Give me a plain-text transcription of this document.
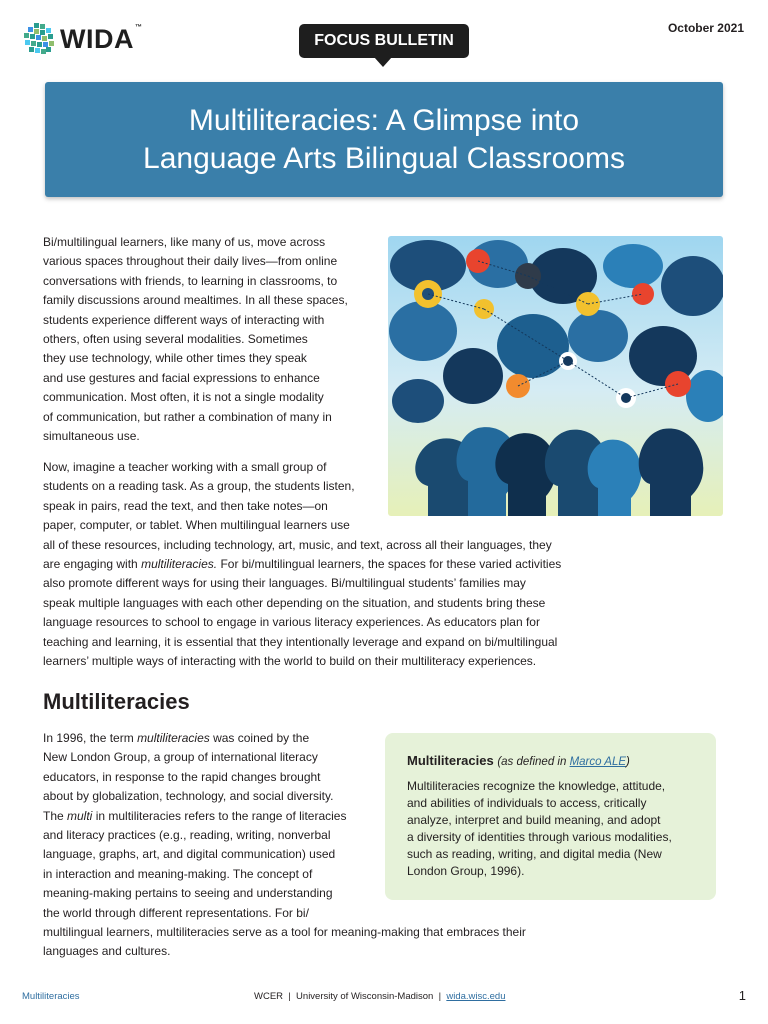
WIDA™
FOCUS BULLETIN
October 2021
Multiliteracies: A Glimpse into
Language Arts Bilingual Classrooms
Bi/multilingual learners, like many of us, move across
various spaces throughout their daily lives—from online
conversations with friends, to learning in classrooms, to
family discussions around mealtimes. In all these spaces,
students experience different ways of interacting with
others, often using several modalities. Sometimes
they use technology, while other times they speak
and use gestures and facial expressions to enhance
communication. Most often, it is not a single modality
of communication, but rather a combination of many in
simultaneous use.
Now, imagine a teacher working with a small group of
students on a reading task. As a group, the students listen,
speak in pairs, read the text, and then take notes—on
paper, computer, or tablet. When multilingual learners use
all of these resources, including technology, art, music, and text, across all their languages, they
are engaging with multiliteracies. For bi/multilingual learners, the spaces for these varied activities
also promote different ways for using their languages. Bi/multilingual students’ families may
speak multiple languages with each other depending on the situation, and students bring these
language resources to school to engage in various literacy experiences. As educators plan for
teaching and learning, it is essential that they intentionally leverage and expand on bi/multilingual
learners’ multiple ways of interacting with the world to build on their multiliteracy experiences.
Multiliteracies
In 1996, the term multiliteracies was coined by the
New London Group, a group of international literacy
educators, in response to the rapid changes brought
about by globalization, technology, and social diversity.
The multi in multiliteracies refers to the range of literacies
and literacy practices (e.g., reading, writing, nonverbal
language, graphs, art, and digital communication) used
in interaction and meaning-making. The concept of
meaning-making pertains to seeing and understanding
the world through different representations. For bi/
multilingual learners, multiliteracies serve as a tool for meaning-making that embraces their
languages and cultures.
Multiliteracies (as defined in Marco ALE)
Multiliteracies recognize the knowledge, attitude,
and abilities of individuals to access, critically
analyze, interpret and build meaning, and adopt
a diversity of identities through various modalities,
such as reading, writing, and digital media (New
London Group, 1996).
Multiliteracies	WCER  |  University of Wisconsin-Madison  |  wida.wisc.edu	1
